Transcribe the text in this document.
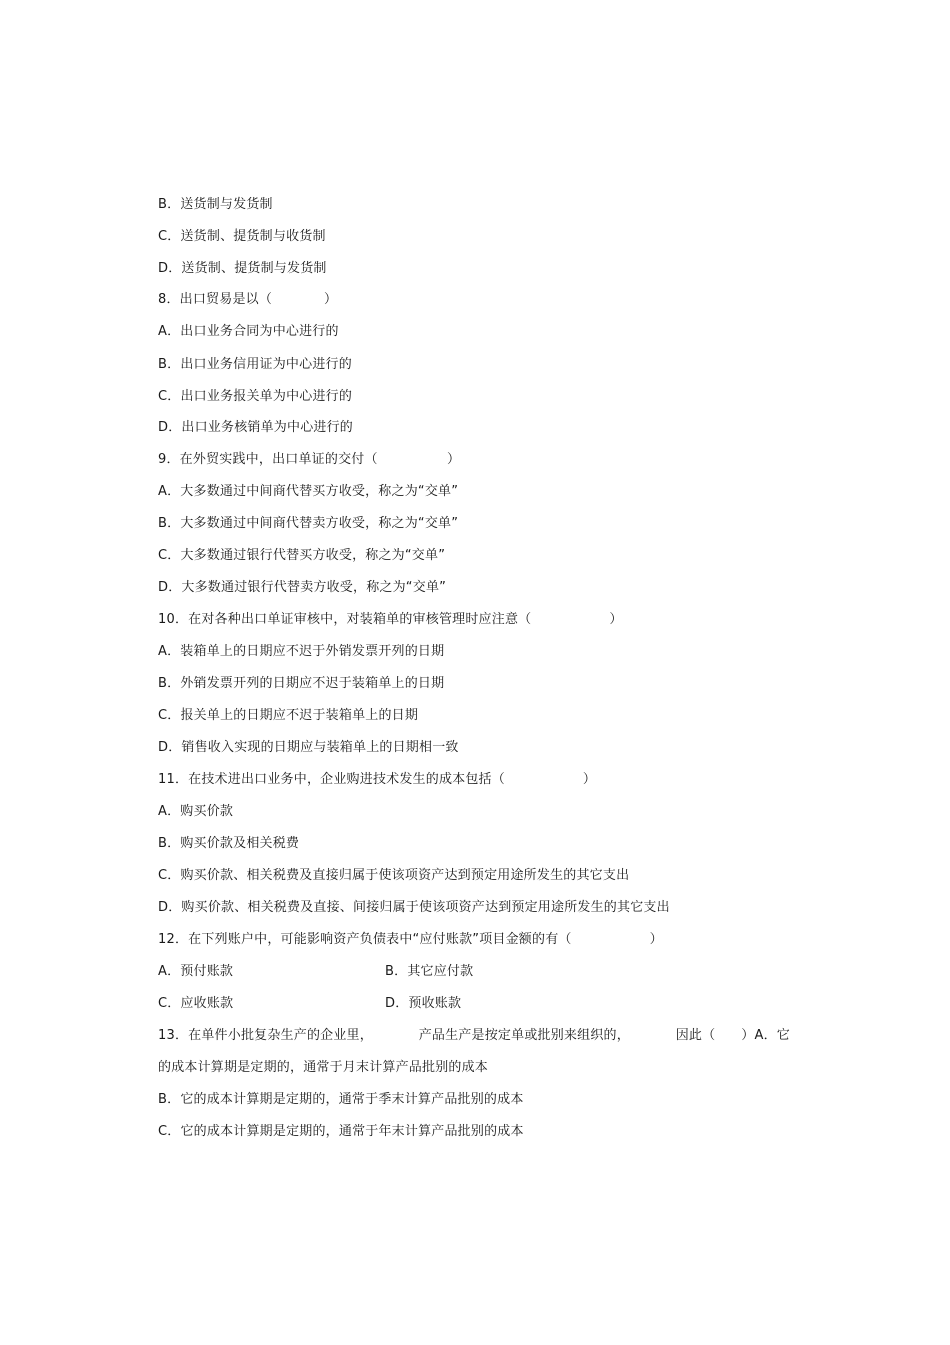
B．送货制与发货制
C．送货制、提货制与收货制
D．送货制、提货制与发货制
8．出口贸易是以（            ）
A．出口业务合同为中心进行的
B．出口业务信用证为中心进行的
C．出口业务报关单为中心进行的
D．出口业务核销单为中心进行的
9．在外贸实践中，出口单证的交付（                ）
A．大多数通过中间商代替买方收受，称之为“交单”
B．大多数通过中间商代替卖方收受，称之为“交单”
C．大多数通过银行代替买方收受，称之为“交单”
D．大多数通过银行代替卖方收受，称之为“交单”
10．在对各种出口单证审核中，对装箱单的审核管理时应注意（                  ）
A．装箱单上的日期应不迟于外销发票开列的日期
B．外销发票开列的日期应不迟于装箱单上的日期
C．报关单上的日期应不迟于装箱单上的日期
D．销售收入实现的日期应与装箱单上的日期相一致
11．在技术进出口业务中，企业购进技术发生的成本包括（                  ）
A．购买价款
B．购买价款及相关税费
C．购买价款、相关税费及直接归属于使该项资产达到预定用途所发生的其它支出
D．购买价款、相关税费及直接、间接归属于使该项资产达到预定用途所发生的其它支出
12．在下列账户中，可能影响资产负债表中“应付账款”项目金额的有（                  ）
A．预付账款	B．其它应付款
C．应收账款	D．预收账款
13．在单件小批复杂生产的企业里，	产品生产是按定单或批别来组织的，	因此（      ）A．它
的成本计算期是定期的，通常于月末计算产品批别的成本
B．它的成本计算期是定期的，通常于季末计算产品批别的成本
C．它的成本计算期是定期的，通常于年末计算产品批别的成本
